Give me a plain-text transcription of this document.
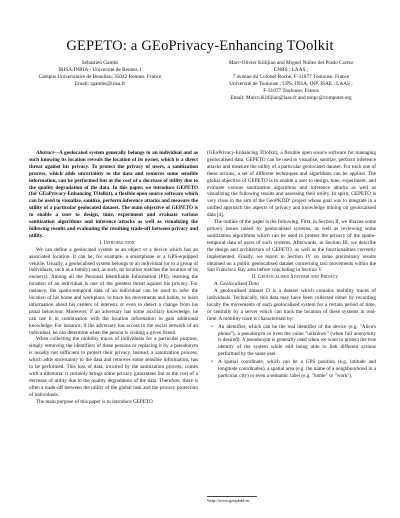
GEPETO: a GEoPrivacy-Enhancing TOolkit
Sébastien Gambs
IRISA/INRIA - Université de Rennes 1
Campus Universitaire de Beaulieu, 35042 Rennes, France
Email: sgambs@irisa.fr
Marc-Olivier Killijian and Miguel Núñez del Prado Cortez
CNRS ; LAAS ;
7 avenue du Colonel Roche, F-31077 Toulouse, France
Université de Toulouse ; UPS, INSA, INP, ISAE ; LAAS ;
F-31077 Toulouse, France
Email: Marco.Killijian@laas.fr and mnpc@computer.org

Abstract—A geolocated system generally belongs to an individual and as such knowing its location reveals the location of its owner, which is a direct threat against his privacy. To protect the privacy of users, a sanitization process, which adds uncertainty to the data and removes some sensible information, can be performed but at the cost of a decrease of utility due to the quality degradation of the data. In this paper, we introduce GEPETO (for GEoPrivacy-Enhancing TOolkit), a flexible open source software which can be used to visualize, sanitize, perform inference attacks and measure the utility of a particular geolocated dataset. The main objective of GEPETO is to enable a user to design, tune, experiment and evaluate various sanitization algorithms and inference attacks as well as visualizing the following results and evaluating the resulting trade-off between privacy and utility.

I. Introduction

We can define a geolocated system as an object or a device which has an associated location. It can be, for example, a smartphone or a GPS-equipped vehicle. Usually, a geolocalised system belongs to an individual (or to a group of individuals, such as a family) and, as such, its location matches the location of its owner(s). Among all the Personal Identifiable Information (PII), learning the location of an individual is one of the greatest threat against his privacy. For instance, the spatio-temporal data of an individual can be used to infer the location of his home and workplace, to trace his movements and habits, to learn information about his centers of interests or even to detect a change from his usual behaviour. Moreover, if an adversary has some auxiliary knowledge, he can use it in combination with the location information to gain additional knowledge. For instance, if the adversary has access to the social network of an individual, he can determine when the person is visiting a given friend.

When collecting the mobility traces of individuals for a particular purpose, simply removing the identifiers of these persons or replacing it by a pseudonym is usually not sufficient to protect their privacy. Instead, a sanitization process, which adds uncertainty to the data and removes some sensible information, has to be performed. This loss of data, incurred by the sanitization process, comes with a dilemma: it certainly brings some privacy guarantees but at the cost of a decrease of utility due to the quality degradation of the data. Therefore, there is often a trade-off between the utility of the global task and the privacy protection of individuals.

The main purpose of this paper is to introduce GEPETO

(GEoPrivacy-Enhancing TOolkit), a flexible open source software for managing geolocalised data. GEPETO can be used to visualise, sanitize, perform inference attacks and measure the utility of a particular geolocated dataset. For each one of these actions, a set of different techniques and algorithms can be applied. The global objective of GEPETO is to enable a user to design, tune, experiment, and evaluate various sanitization algorithms and inference attacks as well as visualizing the following results and assessing their utility. In spirit, GEPETO is very close to the aim of the GeoPKDD¹ project whose goal was to integrate in a unified approach the aspects of privacy and knowledge mining on geolocalised data [4].

The outline of the paper is the following. First, in Section II, we discuss some privacy issues raised by geolocalised systems, as well as reviewing some sanitization algorithms which can be used to protect the privacy of the spatio-temporal data of users of such systems. Afterwards, in Section III, we describe the design and architecture of GEPETO, as well as the functionalities currently implemented. Finally, we report in Section IV on some preliminary results obtained on a public geolocalised dataset concerning taxi movements within the San Francisco Bay area before concluding in Section V.

II. Geolocalised Systems and Privacy

A. Geolocalised Data

A geolocalised dataset D is a dataset which contains mobility traces of individuals. Technically, this data may have been collected either by recording locally the movements of each geolocalised system for a certain period of time, or centrally by a server which can track the location of these systems in real-time. A mobility trace is characterised by:

• An identifier, which can be the real identifier of the device (e.g. "Alice's phone"), a pseudonym or even the value "unknown" (when full anonymity is desired). A pseudonym is generally used when we want to protect the true identity of the system while still being able to link different actions performed by the same user.
• A spatial coordinate, which can be a GPS position (e.g. latitude and longitude coordinates), a spatial area (e.g. the name of a neighbourhood in a particular city) or even a semantic label (e.g. "home" or "work").
¹http://www.geopkdd.eu
